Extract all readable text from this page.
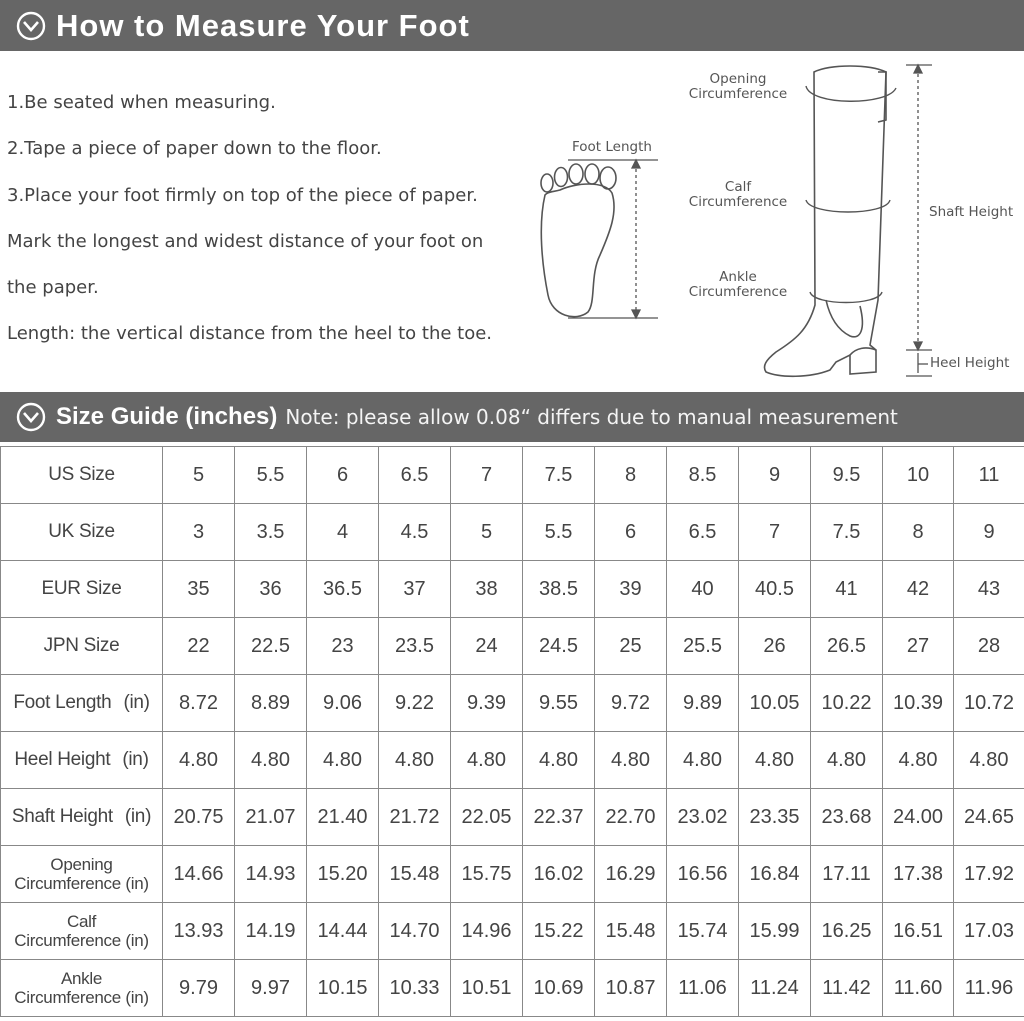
How to Measure Your Foot
1.Be seated when measuring.
2.Tape a piece of paper down to the floor.
3.Place your foot firmly on top of the piece of paper.
Mark the longest and widest distance of your foot on
the paper.
Length: the vertical distance from the heel to the toe.
Foot Length
Opening
Circumference
Calf
Circumference
Ankle
Circumference
Shaft Height
Heel Height
Size Guide (inches) Note: please allow 0.08“ differs due to manual measurement
US Size	5	5.5	6	6.5	7	7.5	8	8.5	9	9.5	10	11
UK Size	3	3.5	4	4.5	5	5.5	6	6.5	7	7.5	8	9
EUR Size	35	36	36.5	37	38	38.5	39	40	40.5	41	42	43
JPN Size	22	22.5	23	23.5	24	24.5	25	25.5	26	26.5	27	28
Foot Length (in)	8.72	8.89	9.06	9.22	9.39	9.55	9.72	9.89	10.05	10.22	10.39	10.72
Heel Height (in)	4.80	4.80	4.80	4.80	4.80	4.80	4.80	4.80	4.80	4.80	4.80	4.80
Shaft Height (in)	20.75	21.07	21.40	21.72	22.05	22.37	22.70	23.02	23.35	23.68	24.00	24.65

Opening
Circumference (in)	14.66	14.93	15.20	15.48	15.75	16.02	16.29	16.56	16.84	17.11	17.38	17.92

Calf
Circumference (in)	13.93	14.19	14.44	14.70	14.96	15.22	15.48	15.74	15.99	16.25	16.51	17.03

Ankle
Circumference (in)	9.79	9.97	10.15	10.33	10.51	10.69	10.87	11.06	11.24	11.42	11.60	11.96
